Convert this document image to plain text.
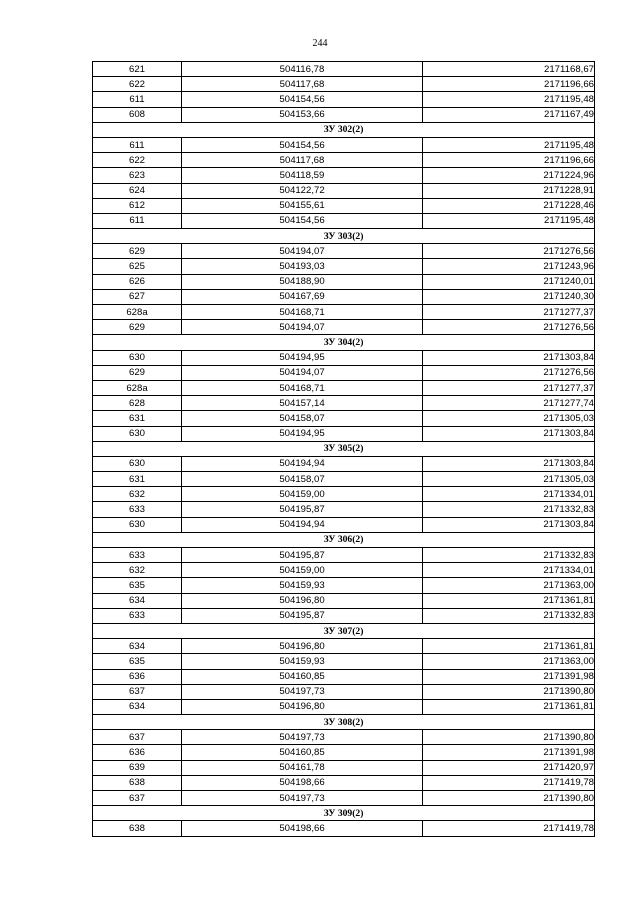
244
621	504116,78	2171168,67
622	504117,68	2171196,66
611	504154,56	2171195,48
608	504153,66	2171167,49
ЗУ 302(2)		
611	504154,56	2171195,48
622	504117,68	2171196,66
623	504118,59	2171224,96
624	504122,72	2171228,91
612	504155,61	2171228,46
611	504154,56	2171195,48
ЗУ 303(2)		
629	504194,07	2171276,56
625	504193,03	2171243,96
626	504188,90	2171240,01
627	504167,69	2171240,30
628а	504168,71	2171277,37
629	504194,07	2171276,56
ЗУ 304(2)		
630	504194,95	2171303,84
629	504194,07	2171276,56
628а	504168,71	2171277,37
628	504157,14	2171277,74
631	504158,07	2171305,03
630	504194,95	2171303,84
ЗУ 305(2)		
630	504194,94	2171303,84
631	504158,07	2171305,03
632	504159,00	2171334,01
633	504195,87	2171332,83
630	504194,94	2171303,84
ЗУ 306(2)		
633	504195,87	2171332,83
632	504159,00	2171334,01
635	504159,93	2171363,00
634	504196,80	2171361,81
633	504195,87	2171332,83
ЗУ 307(2)		
634	504196,80	2171361,81
635	504159,93	2171363,00
636	504160,85	2171391,98
637	504197,73	2171390,80
634	504196,80	2171361,81
ЗУ 308(2)		
637	504197,73	2171390,80
636	504160,85	2171391,98
639	504161,78	2171420,97
638	504198,66	2171419,78
637	504197,73	2171390,80
ЗУ 309(2)		
638	504198,66	2171419,78
